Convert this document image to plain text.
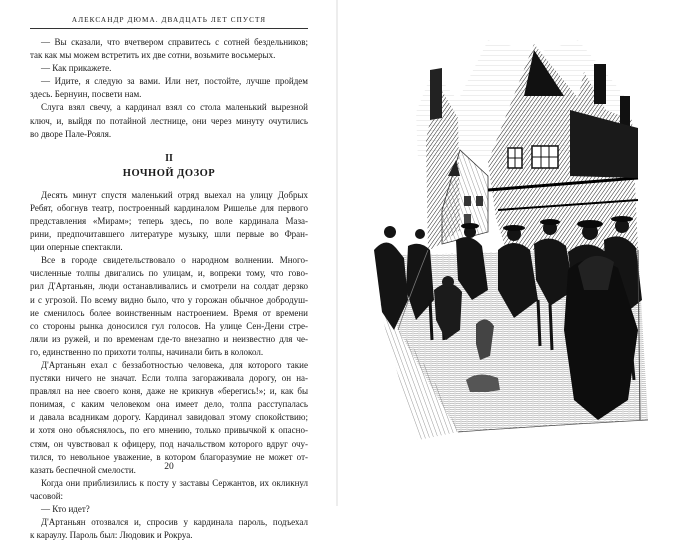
АЛЕКСАНДР ДЮМА. ДВАДЦАТЬ ЛЕТ СПУСТЯ
— Вы сказали, что вчетвером справитесь с сотней бездельников;
так как мы можем встретить их две сотни, возьмите восьмерых.
— Как прикажете.
— Идите, я следую за вами. Или нет, постойте, лучше пройдем
здесь. Бернуин, посвети нам.
Слуга взял свечу, а кардинал взял со стола маленький вырезной
ключ, и, выйдя по потайной лестнице, они через минуту очутились
во дворе Пале-Рояля.
II
НОЧНОЙ ДОЗОР
Десять минут спустя маленький отряд выехал на улицу Добрых
Ребят, обогнув театр, построенный кардиналом Ришелье для первого
представления «Мирам»; теперь здесь, по воле кардинала Маза-
рини, предпочитавшего литературе музыку, шли первые во Фран-
ции оперные спектакли.
Все в городе свидетельствовало о народном волнении. Много-
численные толпы двигались по улицам, и, вопреки тому, что гово-
рил Д'Артаньян, люди останавливались и смотрели на солдат дерзко
и с угрозой. По всему видно было, что у горожан обычное добродуш-
ие сменилось более воинственным настроением. Время от времени
со стороны рынка доносился гул голосов. На улице Сен-Дени стре-
ляли из ружей, и по временам где-то внезапно и неизвестно для че-
го, единственно по прихоти толпы, начинали бить в колокол.
Д'Артаньян ехал с беззаботностью человека, для которого такие
пустяки ничего не значат. Если толпа загораживала дорогу, он на-
правлял на нее своего коня, даже не крикнув «берегись!»; и, как бы
понимая, с каким человеком она имеет дело, толпа расступалась
и давала всадникам дорогу. Кардинал завидовал этому спокойствию;
и хотя оно объяснялось, по его мнению, только привычкой к опасно-
стям, он чувствовал к офицеру, под начальством которого вдруг очу-
тился, то невольное уважение, в котором благоразумие не может от-
казать беспечной смелости.
Когда они приблизились к посту у заставы Сержантов, их окликнул
часовой:
— Кто идет?
Д'Артаньян отозвался и, спросив у кардинала пароль, подъехал
к караулу. Пароль был: Людовик и Рокруа.
20
